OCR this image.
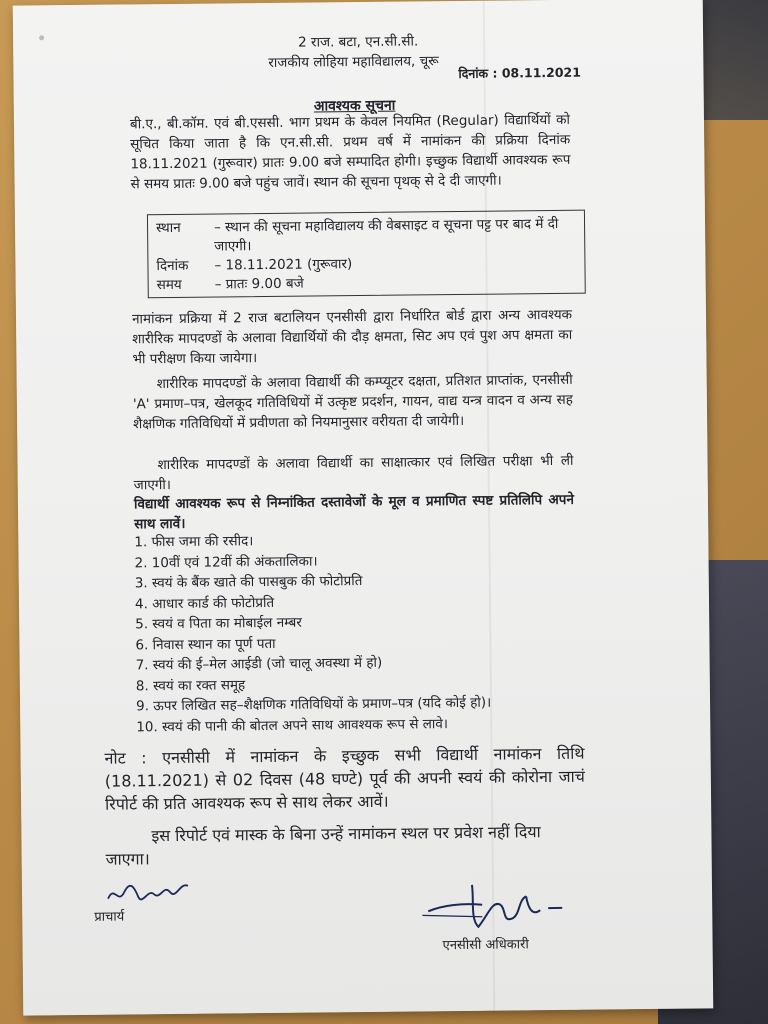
2 राज. बटा, एन.सी.सी.
राजकीय लोहिया महाविद्यालय, चूरू
दिनांक : 08.11.2021
आवश्यक सूचना
बी.ए., बी.कॉम. एवं बी.एससी. भाग प्रथम के केवल नियमित (Regular) विद्यार्थियों को सूचित किया जाता है कि एन.सी.सी. प्रथम वर्ष में नामांकन की प्रक्रिया दिनांक 18.11.2021 (गुरूवार) प्रातः 9.00 बजे सम्पादित होगी। इच्छुक विद्यार्थी आवश्यक रूप से समय प्रातः 9.00 बजे पहुंच जावें। स्थान की सूचना पृथक् से दे दी जाएगी।
स्थान	– स्थान की सूचना महाविद्यालय की वेबसाइट व सूचना पट्ट पर बाद में दी जाएगी।
दिनांक	– 18.11.2021 (गुरूवार)
समय	– प्रातः 9.00 बजे
नामांकन प्रक्रिया में 2 राज बटालियन एनसीसी द्वारा निर्धारित बोर्ड द्वारा अन्य आवश्यक शारीरिक मापदण्डों के अलावा विद्यार्थियों की दौड़ क्षमता, सिट अप एवं पुश अप क्षमता का भी परीक्षण किया जायेगा।
शारीरिक मापदण्डों के अलावा विद्यार्थी की कम्प्यूटर दक्षता, प्रतिशत प्राप्तांक, एनसीसी 'A' प्रमाण–पत्र, खेलकूद गतिविधियों में उत्कृष्ट प्रदर्शन, गायन, वाद्य यन्त्र वादन व अन्य सह शैक्षणिक गतिविधियों में प्रवीणता को नियमानुसार वरीयता दी जायेगी।
शारीरिक मापदण्डों के अलावा विद्यार्थी का साक्षात्कार एवं लिखित परीक्षा भी ली जाएगी।
विद्यार्थी आवश्यक रूप से निम्नांकित दस्तावेजों के मूल व प्रमाणित स्पष्ट प्रतिलिपि अपने साथ लावें।
1. फीस जमा की रसीद।
2. 10वीं एवं 12वीं की अंकतालिका।
3. स्वयं के बैंक खाते की पासबुक की फोटोप्रति
4. आधार कार्ड की फोटोप्रति
5. स्वयं व पिता का मोबाईल नम्बर
6. निवास स्थान का पूर्ण पता
7. स्वयं की ई–मेल आईडी (जो चालू अवस्था में हो)
8. स्वयं का रक्त समूह
9. ऊपर लिखित सह–शैक्षणिक गतिविधियों के प्रमाण–पत्र (यदि कोई हो)।
10. स्वयं की पानी की बोतल अपने साथ आवश्यक रूप से लावे।
नोट : एनसीसी में नामांकन के इच्छुक सभी विद्यार्थी नामांकन तिथि (18.11.2021) से 02 दिवस (48 घण्टे) पूर्व की अपनी स्वयं की कोरोना जाचं रिपोर्ट की प्रति आवश्यक रूप से साथ लेकर आवें।
इस रिपोर्ट एवं मास्क के बिना उन्हें नामांकन स्थल पर प्रवेश नहीं दिया जाएगा।
प्राचार्य
एनसीसी अधिकारी
